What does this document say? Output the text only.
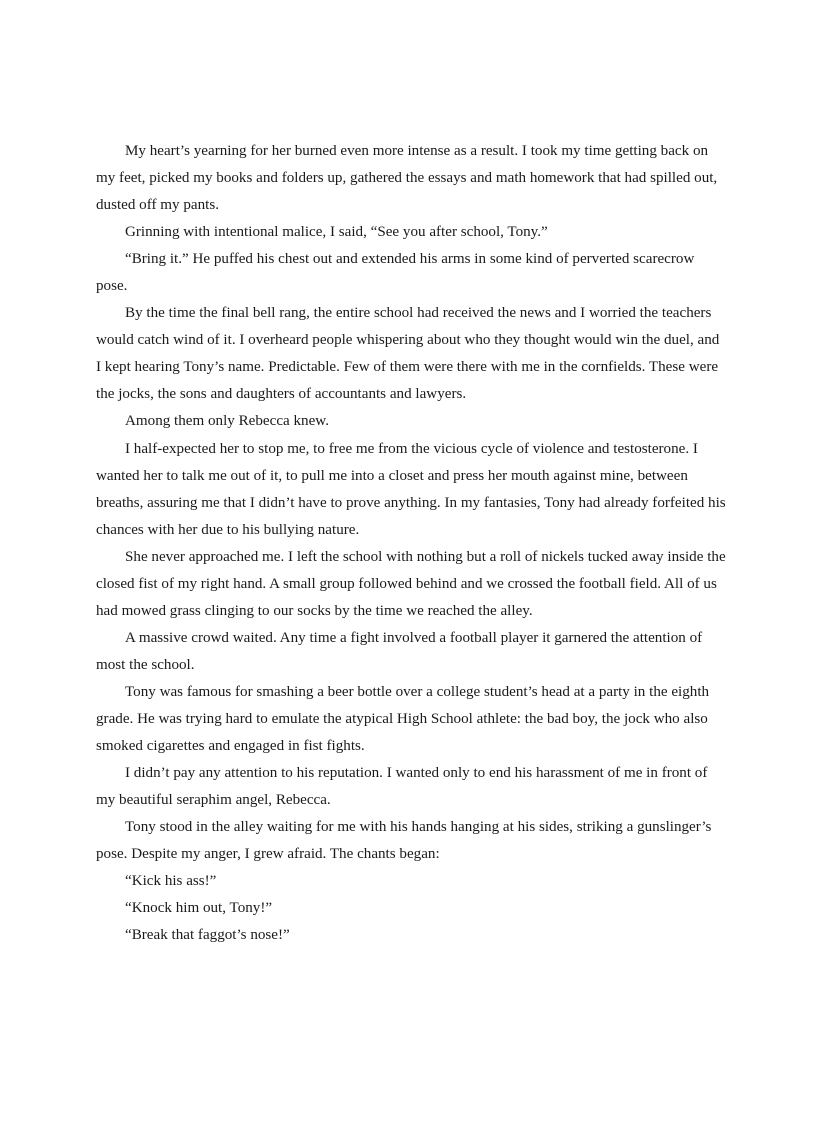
My heart’s yearning for her burned even more intense as a result. I took my time getting back on my feet, picked my books and folders up, gathered the essays and math homework that had spilled out, dusted off my pants.

Grinning with intentional malice, I said, “See you after school, Tony.”

“Bring it.” He puffed his chest out and extended his arms in some kind of perverted scarecrow pose.

By the time the final bell rang, the entire school had received the news and I worried the teachers would catch wind of it. I overheard people whispering about who they thought would win the duel, and I kept hearing Tony’s name. Predictable. Few of them were there with me in the cornfields. These were the jocks, the sons and daughters of accountants and lawyers.

Among them only Rebecca knew.

I half-expected her to stop me, to free me from the vicious cycle of violence and testosterone. I wanted her to talk me out of it, to pull me into a closet and press her mouth against mine, between breaths, assuring me that I didn’t have to prove anything. In my fantasies, Tony had already forfeited his chances with her due to his bullying nature.

She never approached me. I left the school with nothing but a roll of nickels tucked away inside the closed fist of my right hand. A small group followed behind and we crossed the football field. All of us had mowed grass clinging to our socks by the time we reached the alley.

A massive crowd waited. Any time a fight involved a football player it garnered the attention of most the school.

Tony was famous for smashing a beer bottle over a college student’s head at a party in the eighth grade. He was trying hard to emulate the atypical High School athlete: the bad boy, the jock who also smoked cigarettes and engaged in fist fights.

I didn’t pay any attention to his reputation. I wanted only to end his harassment of me in front of my beautiful seraphim angel, Rebecca.

Tony stood in the alley waiting for me with his hands hanging at his sides, striking a gunslinger’s pose. Despite my anger, I grew afraid. The chants began:

“Kick his ass!”

“Knock him out, Tony!”

“Break that faggot’s nose!”
